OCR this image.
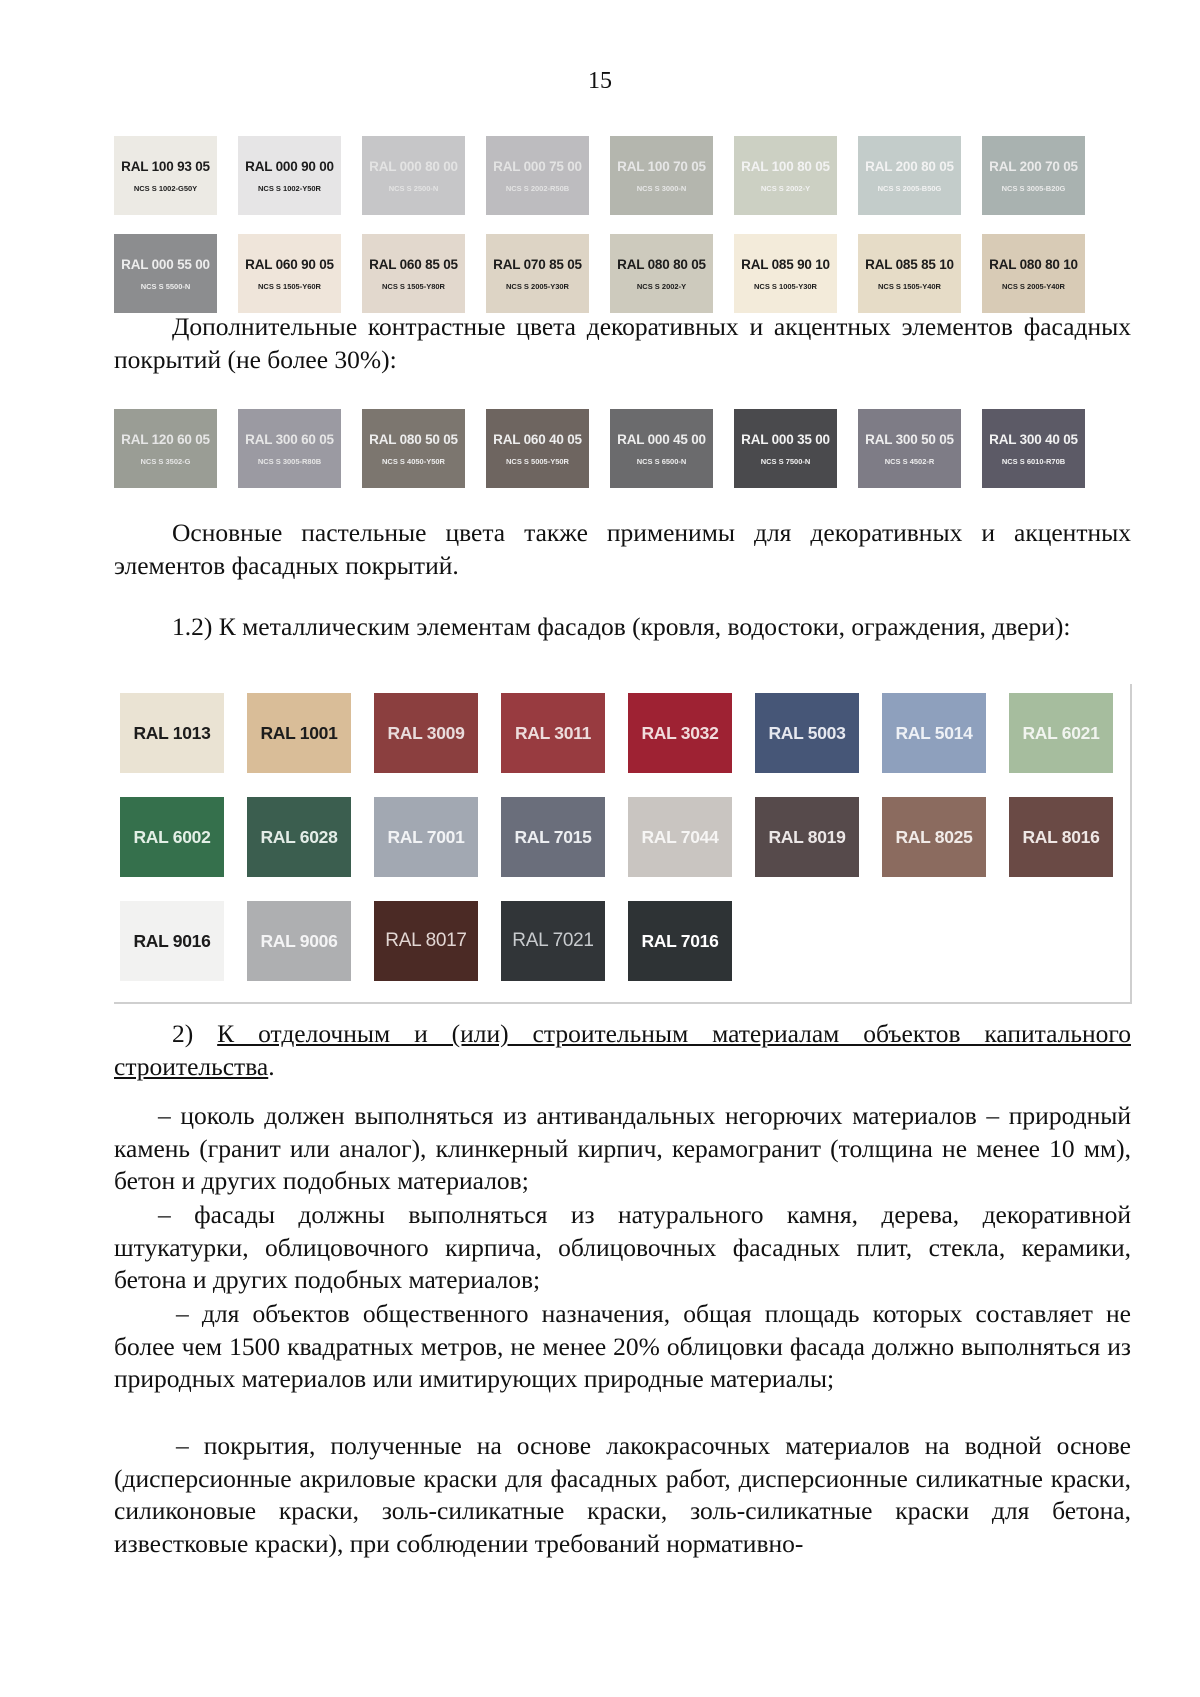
15
RAL 100 93 05
NCS S 1002-G50Y
RAL 000 90 00
NCS S 1002-Y50R
RAL 000 80 00
NCS S 2500-N
RAL 000 75 00
NCS S 2002-R50B
RAL 100 70 05
NCS S 3000-N
RAL 100 80 05
NCS S 2002-Y
RAL 200 80 05
NCS S 2005-B50G
RAL 200 70 05
NCS S 3005-B20G
RAL 000 55 00
NCS S 5500-N
RAL 060 90 05
NCS S 1505-Y60R
RAL 060 85 05
NCS S 1505-Y80R
RAL 070 85 05
NCS S 2005-Y30R
RAL 080 80 05
NCS S 2002-Y
RAL 085 90 10
NCS S 1005-Y30R
RAL 085 85 10
NCS S 1505-Y40R
RAL 080 80 10
NCS S 2005-Y40R
Дополнительные контрастные цвета декоративных и акцентных элементов фасадных покрытий (не более 30%):
RAL 120 60 05
NCS S 3502-G
RAL 300 60 05
NCS S 3005-R80B
RAL 080 50 05
NCS S 4050-Y50R
RAL 060 40 05
NCS S 5005-Y50R
RAL 000 45 00
NCS S 6500-N
RAL 000 35 00
NCS S 7500-N
RAL 300 50 05
NCS S 4502-R
RAL 300 40 05
NCS S 6010-R70B
Основные пастельные цвета также применимы для декоративных и акцентных элементов фасадных покрытий.
1.2) К металлическим элементам фасадов (кровля, водостоки, ограждения, двери):
RAL 1013	RAL 1001	RAL 3009	RAL 3011	RAL 3032	RAL 5003	RAL 5014	RAL 6021
RAL 6002	RAL 6028	RAL 7001	RAL 7015	RAL 7044	RAL 8019	RAL 8025	RAL 8016
RAL 9016	RAL 9006	RAL 8017	RAL 7021	RAL 7016
2) К отделочным и (или) строительным материалам объектов капитального строительства.
– цоколь должен выполняться из антивандальных негорючих материалов – природный камень (гранит или аналог), клинкерный кирпич, керамогранит (толщина не менее 10 мм), бетон и других подобных материалов;
– фасады должны выполняться из натурального камня, дерева, декоративной штукатурки, облицовочного кирпича, облицовочных фасадных плит, стекла, керамики, бетона и других подобных материалов;
– для объектов общественного назначения, общая площадь которых составляет не более чем 1500 квадратных метров, не менее 20% облицовки фасада должно выполняться из природных материалов или имитирующих природные материалы;
– покрытия, полученные на основе лакокрасочных материалов на водной основе (дисперсионные акриловые краски для фасадных работ, дисперсионные силикатные краски, силиконовые краски, золь-силикатные краски, золь-силикатные краски для бетона, известковые краски), при соблюдении требований нормативно-
